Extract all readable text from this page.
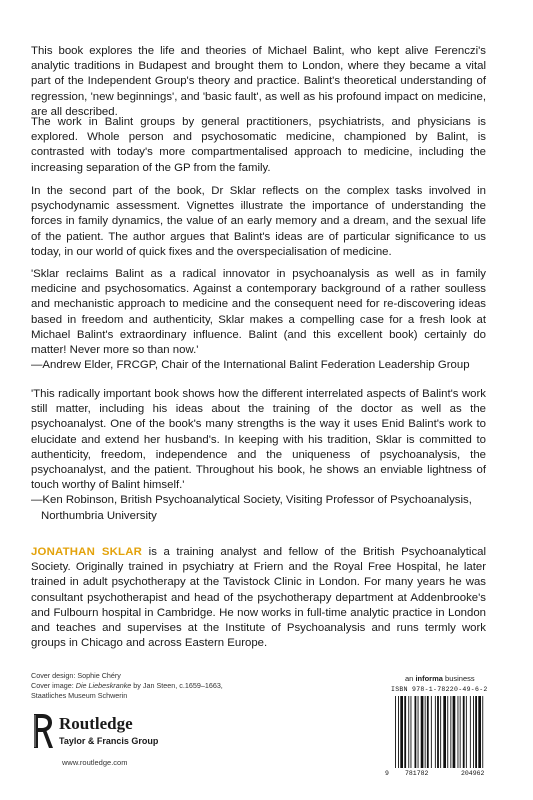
This book explores the life and theories of Michael Balint, who kept alive Ferenczi's analytic traditions in Budapest and brought them to London, where they became a vital part of the Independent Group's theory and practice. Balint's theoretical understanding of regression, 'new beginnings', and 'basic fault', as well as his profound impact on medicine, are all described.

The work in Balint groups by general practitioners, psychiatrists, and physicians is explored. Whole person and psychosomatic medicine, championed by Balint, is contrasted with today's more compartmentalised approach to medicine, including the increasing separation of the GP from the family.

In the second part of the book, Dr Sklar reflects on the complex tasks involved in psychodynamic assessment. Vignettes illustrate the importance of understanding the forces in family dynamics, the value of an early memory and a dream, and the sexual life of the patient. The author argues that Balint's ideas are of particular significance to us today, in our world of quick fixes and the overspecialisation of medicine.

'Sklar reclaims Balint as a radical innovator in psychoanalysis as well as in family medicine and psychosomatics. Against a contemporary background of a rather soulless and mechanistic approach to medicine and the consequent need for re-discovering ideas based in freedom and authenticity, Sklar makes a compelling case for a fresh look at Michael Balint's extraordinary influence. Balint (and this excellent book) certainly do matter! Never more so than now.'

—Andrew Elder, FRCGP, Chair of the International Balint Federation Leadership Group

'This radically important book shows how the different interrelated aspects of Balint's work still matter, including his ideas about the training of the doctor as well as the psychoanalyst. One of the book's many strengths is the way it uses Enid Balint's work to elucidate and extend her husband's. In keeping with his tradition, Sklar is committed to authenticity, freedom, independence and the uniqueness of psychoanalysis, the psychoanalyst, and the patient. Throughout his book, he shows an enviable lightness of touch worthy of Balint himself.'

—Ken Robinson, British Psychoanalytical Society, Visiting Professor of Psychoanalysis,

Northumbria University

JONATHAN SKLAR is a training analyst and fellow of the British Psychoanalytical Society. Originally trained in psychiatry at Friern and the Royal Free Hospital, he later trained in adult psychotherapy at the Tavistock Clinic in London. For many years he was consultant psychotherapist and head of the psychotherapy department at Addenbrooke's and Fulbourn hospital in Cambridge. He now works in full-time analytic practice in London and teaches and supervises at the Institute of Psychoanalysis and runs termly work groups in Chicago and across Eastern Europe.

Cover design: Sophie Chéry
Cover image: Die Liebeskranke by Jan Steen, c.1659–1663,
Staatliches Museum Schwerin
Routledge
Taylor & Francis Group
www.routledge.com
an informa business
ISBN 978-1-78220-49-6-2
9 781782	204962
